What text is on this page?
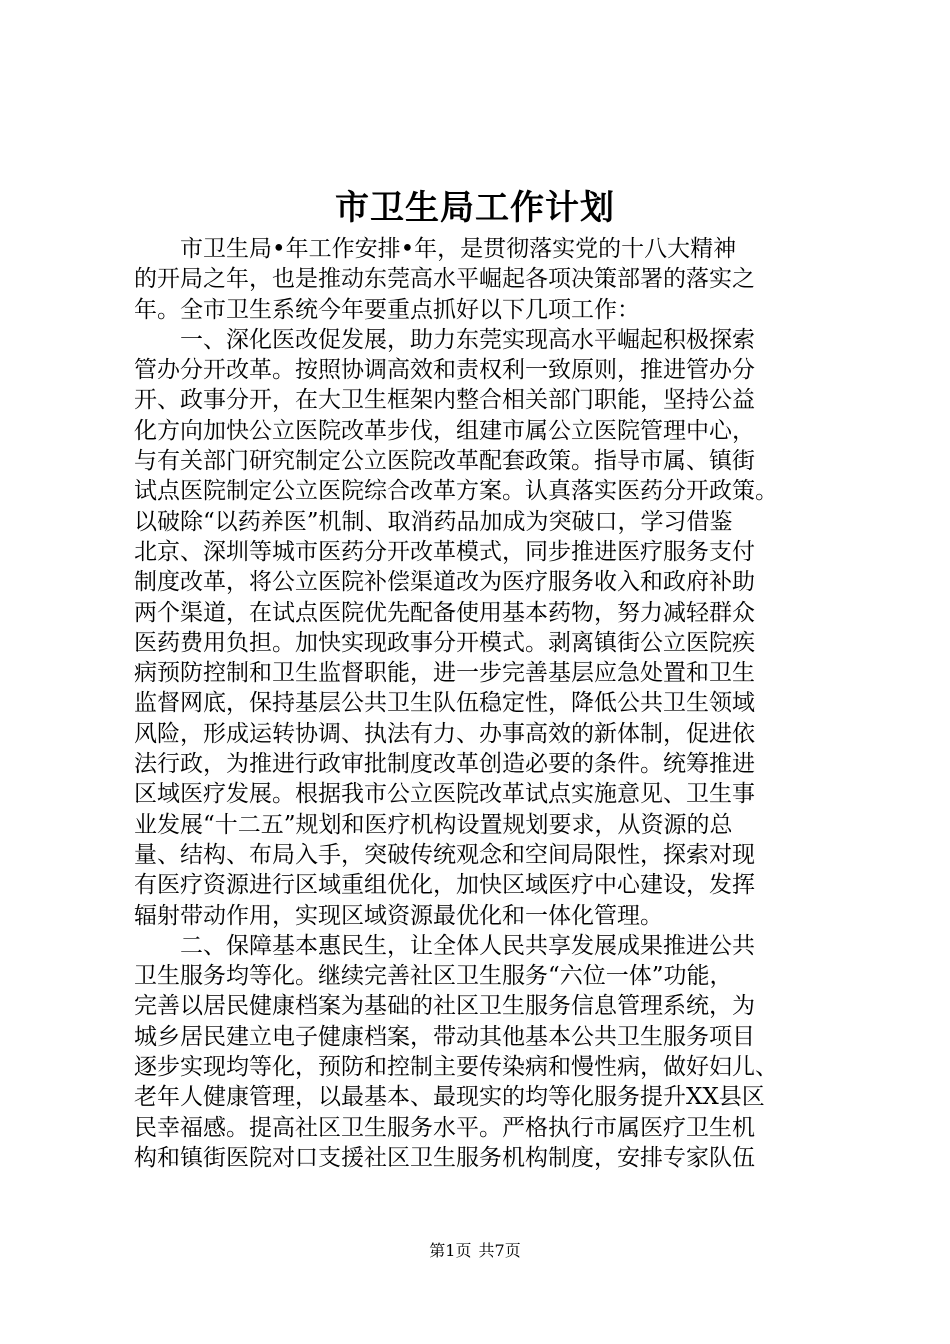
市卫生局工作计划
　　市卫生局•年工作安排•年，是贯彻落实党的十八大精神
的开局之年，也是推动东莞高水平崛起各项决策部署的落实之
年。全市卫生系统今年要重点抓好以下几项工作：
　　一、深化医改促发展，助力东莞实现高水平崛起积极探索
管办分开改革。按照协调高效和责权利一致原则，推进管办分
开、政事分开，在大卫生框架内整合相关部门职能，坚持公益
化方向加快公立医院改革步伐，组建市属公立医院管理中心，
与有关部门研究制定公立医院改革配套政策。指导市属、镇街
试点医院制定公立医院综合改革方案。认真落实医药分开政策。
以破除“以药养医”机制、取消药品加成为突破口，学习借鉴
北京、深圳等城市医药分开改革模式，同步推进医疗服务支付
制度改革，将公立医院补偿渠道改为医疗服务收入和政府补助
两个渠道，在试点医院优先配备使用基本药物，努力减轻群众
医药费用负担。加快实现政事分开模式。剥离镇街公立医院疾
病预防控制和卫生监督职能，进一步完善基层应急处置和卫生
监督网底，保持基层公共卫生队伍稳定性，降低公共卫生领域
风险，形成运转协调、执法有力、办事高效的新体制，促进依
法行政，为推进行政审批制度改革创造必要的条件。统筹推进
区域医疗发展。根据我市公立医院改革试点实施意见、卫生事
业发展“十二五”规划和医疗机构设置规划要求，从资源的总
量、结构、布局入手，突破传统观念和空间局限性，探索对现
有医疗资源进行区域重组优化，加快区域医疗中心建设，发挥
辐射带动作用，实现区域资源最优化和一体化管理。
　　二、保障基本惠民生，让全体人民共享发展成果推进公共
卫生服务均等化。继续完善社区卫生服务“六位一体”功能，
完善以居民健康档案为基础的社区卫生服务信息管理系统，为
城乡居民建立电子健康档案，带动其他基本公共卫生服务项目
逐步实现均等化，预防和控制主要传染病和慢性病，做好妇儿、
老年人健康管理，以最基本、最现实的均等化服务提升XX县区
民幸福感。提高社区卫生服务水平。严格执行市属医疗卫生机
构和镇街医院对口支援社区卫生服务机构制度，安排专家队伍
第1页 共7页
